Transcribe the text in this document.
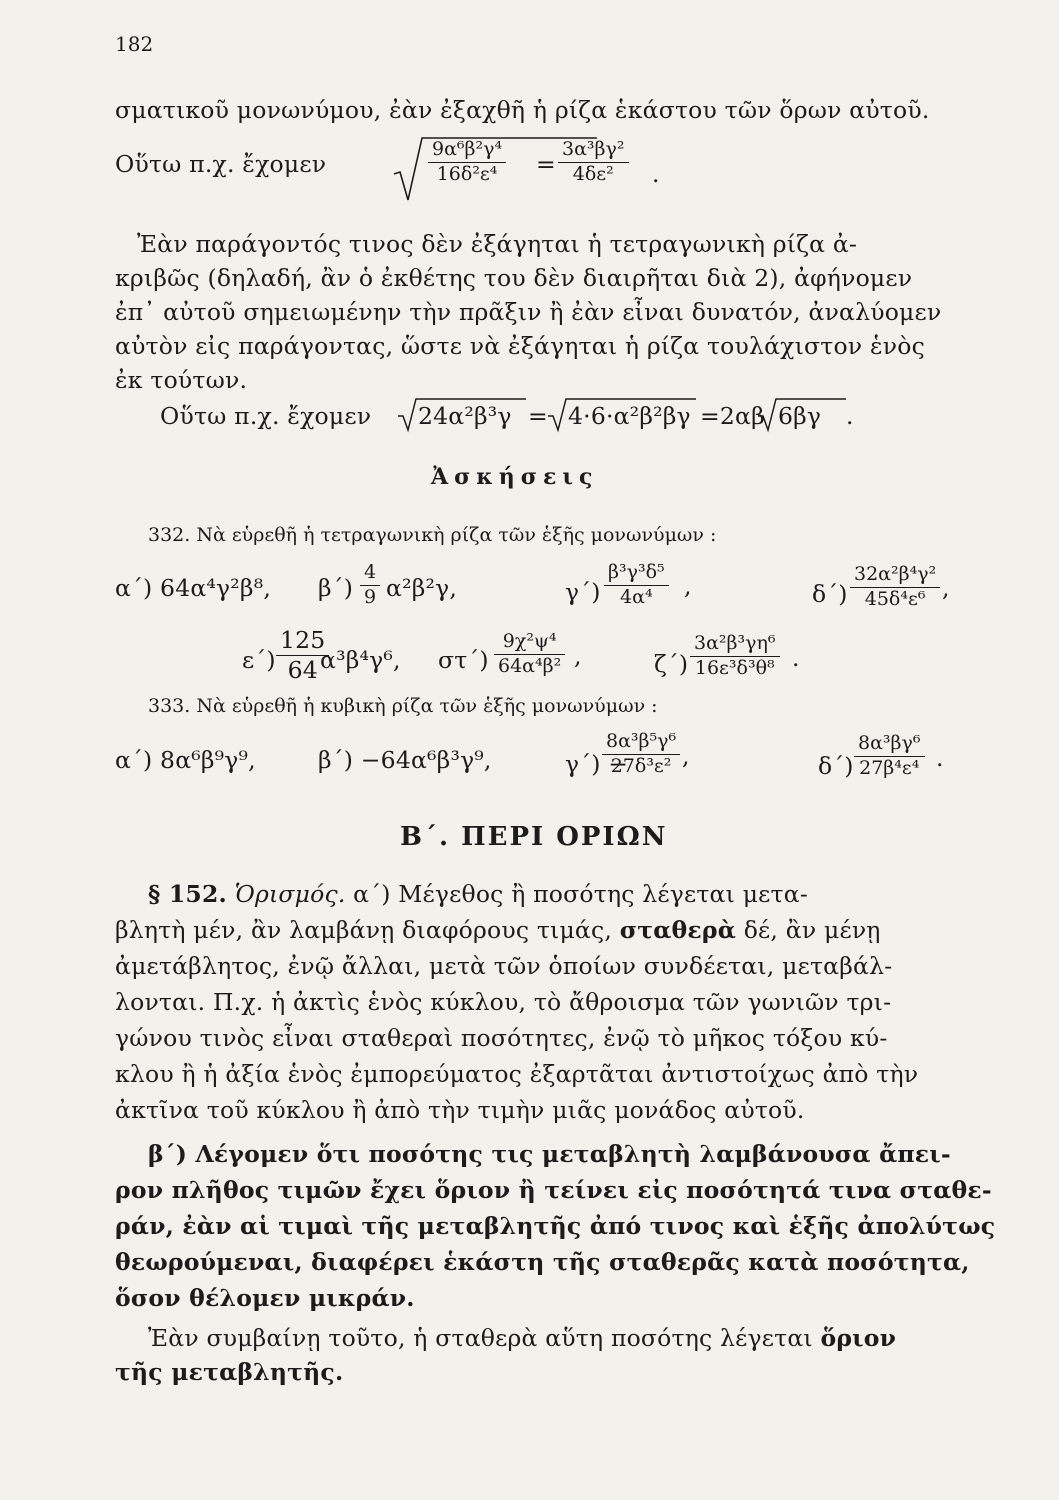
182
σματικοῦ μονωνύμου, ἐὰν ἐξαχθῆ ἡ ρίζα ἑκάστου τῶν ὅρων αὐτοῦ.
Οὕτω π.χ. ἔχομεν	$\frac{\text{9α⁶β²γ⁴}}{\text{16δ²ε⁴}} = \frac{\text{3α³βγ²}}{\text{4δε²}}$ .
Ἐὰν παράγοντός τινος δὲν ἐξάγηται ἡ τετραγωνικὴ ρίζα ἀ-
κριβῶς (δηλαδή, ἂν ὁ ἐκθέτης του δὲν διαιρῆται διὰ 2), ἀφήνομεν
ἐπ᾽ αὐτοῦ σημειωμένην τὴν πρᾶξιν ἢ ἐὰν εἶναι δυνατόν, ἀναλύομεν
αὐτὸν εἰς παράγοντας, ὥστε νὰ ἐξάγηται ἡ ρίζα τουλάχιστον ἑνὸς
ἐκ τούτων.
Οὕτω π.χ. ἔχομεν 24α²β³γ = 4·6·α²β²βγ =2αβ 6βγ .
Ἀσκήσεις
332. Νὰ εὑρεθῆ ἡ τετραγωνικὴ ρίζα τῶν ἑξῆς μονωνύμων :
α΄) 64α⁴γ²β⁸, $\beta΄) \frac{4}{9} \alpha^2\beta^2\gamma$,	$\gamma΄) \frac{\text{β³γ³δ⁵}}{\text{4α⁴}}$ ,	$\delta΄) \frac{\text{32α²β⁴γ²}}{\text{45δ⁴ε⁶}}$ ,
$\varepsilon΄) \frac{125}{64}$
α³β⁴γ⁶, $\sigma\tau΄) \frac{\text{9χ²ψ⁴}}{\text{64α⁴β²}}$ ,	$\zeta΄) \frac{\text{3α²β³γη⁶}}{\text{16ε³δ³θ⁸}}$ .
333. Νὰ εὑρεθῆ ἡ κυβικὴ ρίζα τῶν ἑξῆς μονωνύμων :
α΄) 8α⁶β⁹γ⁹,	β΄) −64α⁶β³γ⁹,	γ΄) −
$\frac{\text{8α³β⁵γ⁶}}{\text{27δ³ε²}}$ ,	$\delta΄) \frac{\text{8α³βγ⁶}}{\text{27β⁴ε⁴}}$ .
Β΄. ΠΕΡΙ ΟΡΙΩΝ
§ 152. Ὁρισμός. α΄) Μέγεθος ἢ ποσότης λέγεται μετα-
βλητὴ μέν, ἂν λαμβάνῃ διαφόρους τιμάς, σταθερὰ δέ, ἂν μένῃ
ἀμετάβλητος, ἐνῷ ἄλλαι, μετὰ τῶν ὁποίων συνδέεται, μεταβάλ-
λονται. Π.χ. ἡ ἀκτὶς ἑνὸς κύκλου, τὸ ἄθροισμα τῶν γωνιῶν τρι-
γώνου τινὸς εἶναι σταθεραὶ ποσότητες, ἐνῷ τὸ μῆκος τόξου κύ-
κλου ἢ ἡ ἀξία ἑνὸς ἐμπορεύματος ἐξαρτᾶται ἀντιστοίχως ἀπὸ τὴν
ἀκτῖνα τοῦ κύκλου ἢ ἀπὸ τὴν τιμὴν μιᾶς μονάδος αὐτοῦ.
β΄) Λέγομεν ὅτι ποσότης τις μεταβλητὴ λαμβάνουσα ἄπει-
ρον πλῆθος τιμῶν ἔχει ὅριον ἢ τείνει εἰς ποσότητά τινα σταθε-
ράν, ἐὰν αἱ τιμαὶ τῆς μεταβλητῆς ἀπό τινος καὶ ἑξῆς ἀπολύτως
θεωρούμεναι, διαφέρει ἑκάστη τῆς σταθερᾶς κατὰ ποσότητα,
ὅσον θέλομεν μικράν.
Ἐὰν συμβαίνῃ τοῦτο, ἡ σταθερὰ αὕτη ποσότης λέγεται ὅριον
τῆς μεταβλητῆς.
